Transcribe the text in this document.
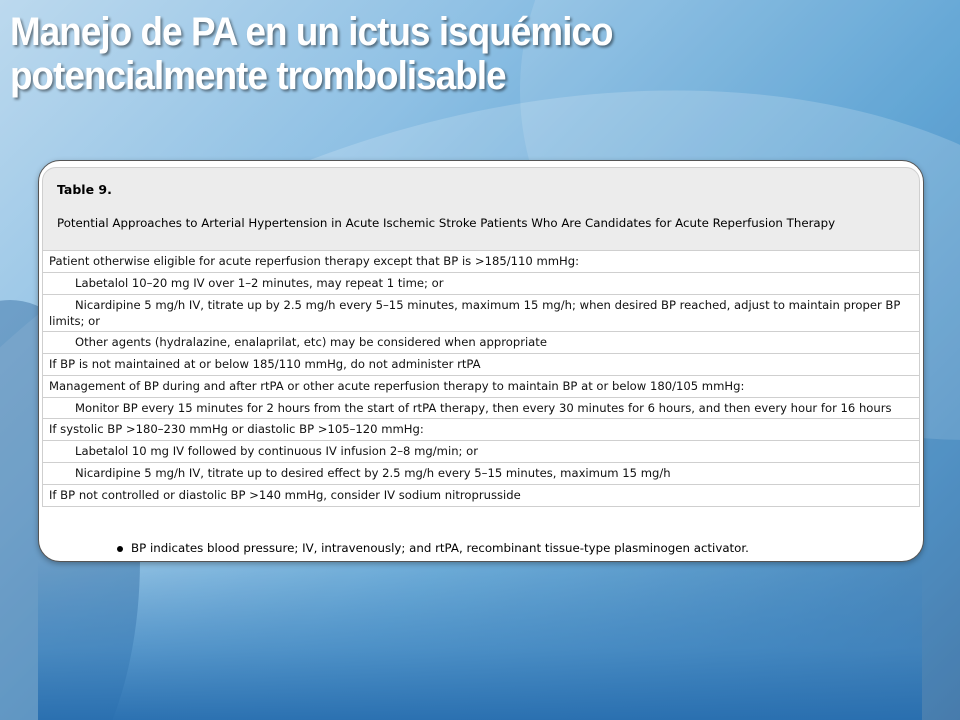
Manejo de PA en un ictus isquémico
potencialmente trombolisable
Table 9.
Potential Approaches to Arterial Hypertension in Acute Ischemic Stroke Patients Who Are Candidates for Acute Reperfusion Therapy
Patient otherwise eligible for acute reperfusion therapy except that BP is >185/110 mmHg:
Labetalol 10–20 mg IV over 1–2 minutes, may repeat 1 time; or
Nicardipine 5 mg/h IV, titrate up by 2.5 mg/h every 5–15 minutes, maximum 15 mg/h; when desired BP reached, adjust to maintain proper BP limits; or
Other agents (hydralazine, enalaprilat, etc) may be considered when appropriate
If BP is not maintained at or below 185/110 mmHg, do not administer rtPA
Management of BP during and after rtPA or other acute reperfusion therapy to maintain BP at or below 180/105 mmHg:
Monitor BP every 15 minutes for 2 hours from the start of rtPA therapy, then every 30 minutes for 6 hours, and then every hour for 16 hours
If systolic BP >180–230 mmHg or diastolic BP >105–120 mmHg:
Labetalol 10 mg IV followed by continuous IV infusion 2–8 mg/min; or
Nicardipine 5 mg/h IV, titrate up to desired effect by 2.5 mg/h every 5–15 minutes, maximum 15 mg/h
If BP not controlled or diastolic BP >140 mmHg, consider IV sodium nitroprusside
BP indicates blood pressure; IV, intravenously; and rtPA, recombinant tissue-type plasminogen activator.
